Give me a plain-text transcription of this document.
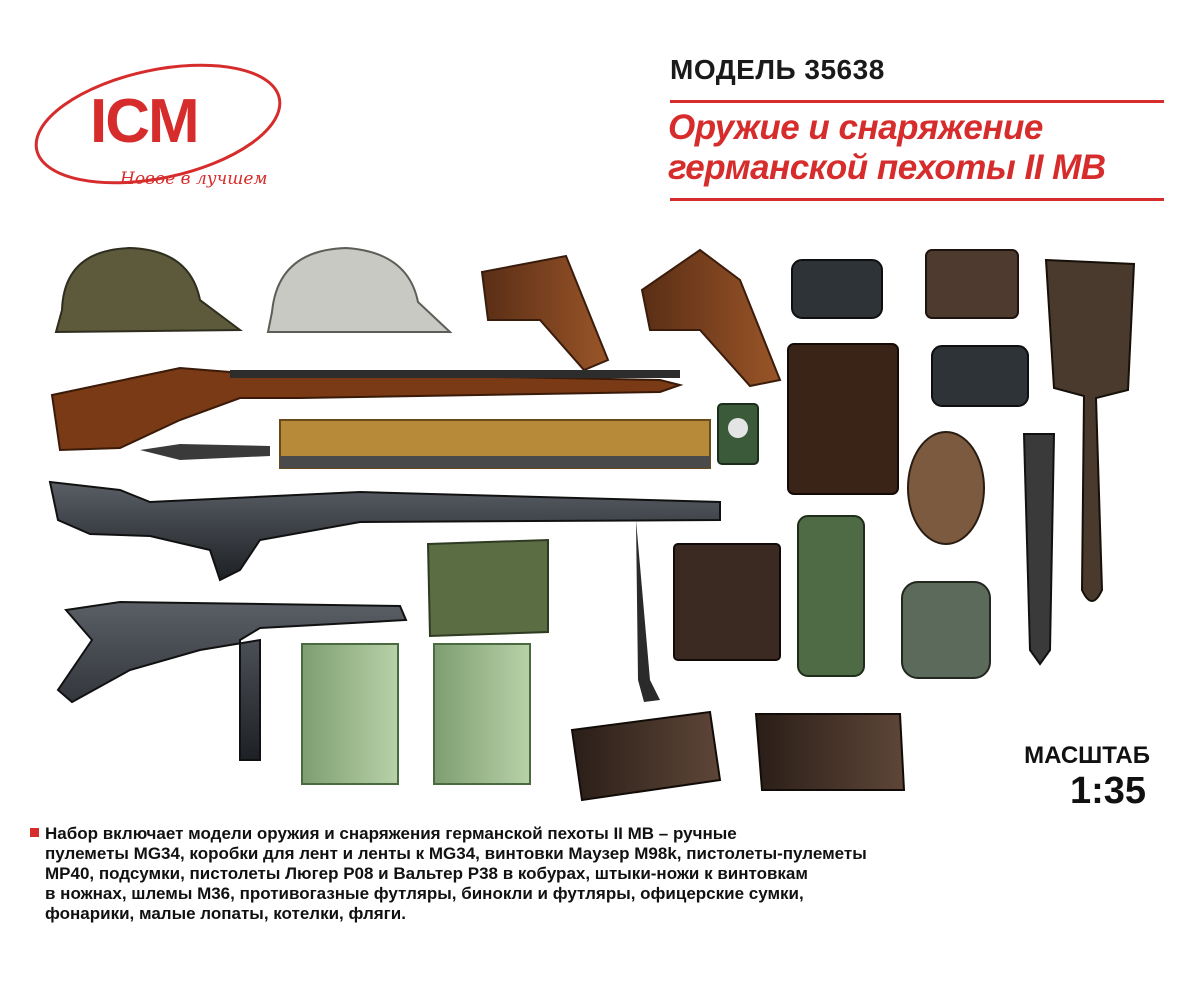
ICM
Новое в лучшем
МОДЕЛЬ 35638
Оружие и снаряжение
германской пехоты II МВ
МАСШТАБ
1:35

Набор включает модели оружия и снаряжения германской пехоты II МВ – ручные

пулеметы MG34, коробки для лент и ленты к MG34, винтовки Маузер M98k, пистолеты-пулеметы

MP40, подсумки, пистолеты Люгер Р08 и Вальтер Р38 в кобурах, штыки-ножи к винтовкам

в ножнах, шлемы М36, противогазные футляры, бинокли и футляры, офицерские сумки,

фонарики, малые лопаты, котелки, фляги.
